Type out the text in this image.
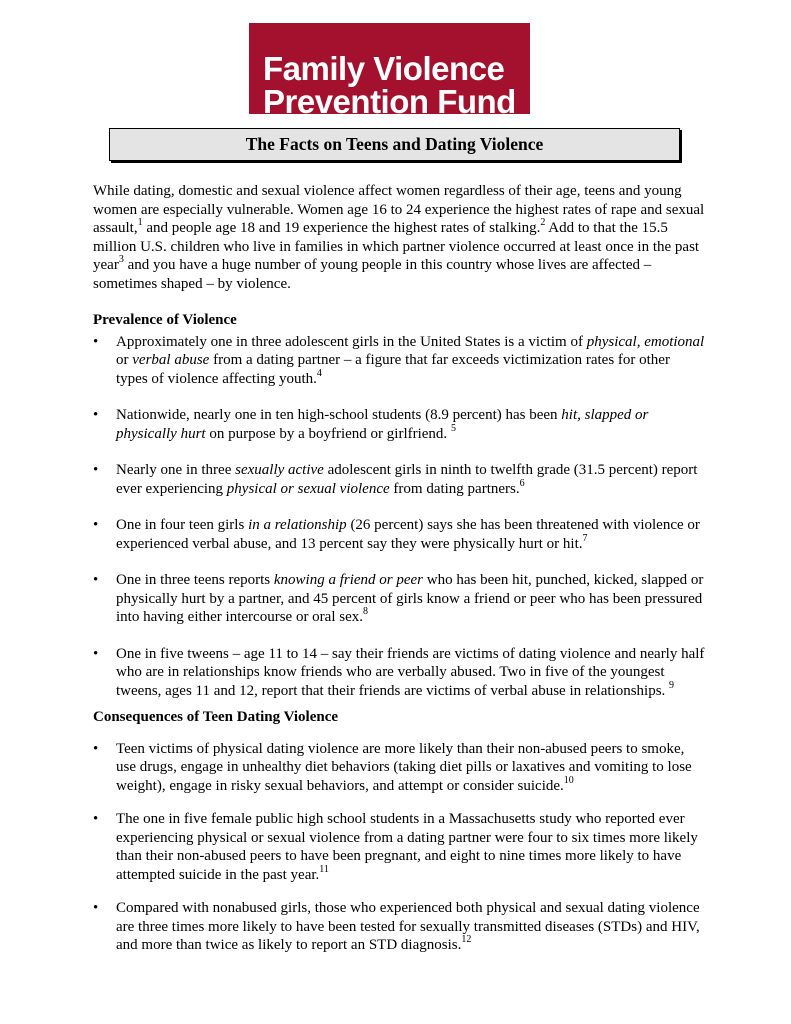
Family Violence
Prevention Fund
The Facts on Teens and Dating Violence

While dating, domestic and sexual violence affect women regardless of their age, teens and young women are especially vulnerable. Women age 16 to 24 experience the highest rates of rape and sexual assault,$^1$ and people age 18 and 19 experience the highest rates of stalking.$^2$ Add to that the 15.5 million U.S. children who live in families in which partner violence occurred at least once in the past year$^3$ and you have a huge number of young people in this country whose lives are affected – sometimes shaped – by violence.

Prevalence of Violence
• Approximately one in three adolescent girls in the United States is a victim of physical, emotional or verbal abuse from a dating partner – a figure that far exceeds victimization rates for other types of violence affecting youth.$^4$
• Nationwide, nearly one in ten high-school students (8.9 percent) has been hit, slapped or physically hurt on purpose by a boyfriend or girlfriend. $^5$
• Nearly one in three sexually active adolescent girls in ninth to twelfth grade (31.5 percent) report ever experiencing physical or sexual violence from dating partners.$^6$
• One in four teen girls in a relationship (26 percent) says she has been threatened with violence or experienced verbal abuse, and 13 percent say they were physically hurt or hit.$^7$
• One in three teens reports knowing a friend or peer who has been hit, punched, kicked, slapped or physically hurt by a partner, and 45 percent of girls know a friend or peer who has been pressured into having either intercourse or oral sex.$^8$
• One in five tweens – age 11 to 14 – say their friends are victims of dating violence and nearly half who are in relationships know friends who are verbally abused. Two in five of the youngest tweens, ages 11 and 12, report that their friends are victims of verbal abuse in relationships. $^9$
Consequences of Teen Dating Violence
• Teen victims of physical dating violence are more likely than their non-abused peers to smoke, use drugs, engage in unhealthy diet behaviors (taking diet pills or laxatives and vomiting to lose weight), engage in risky sexual behaviors, and attempt or consider suicide.$^{10}$
• The one in five female public high school students in a Massachusetts study who reported ever experiencing physical or sexual violence from a dating partner were four to six times more likely than their non-abused peers to have been pregnant, and eight to nine times more likely to have attempted suicide in the past year.$^{11}$
• Compared with nonabused girls, those who experienced both physical and sexual dating violence are three times more likely to have been tested for sexually transmitted diseases (STDs) and HIV, and more than twice as likely to report an STD diagnosis.$^{12}$
